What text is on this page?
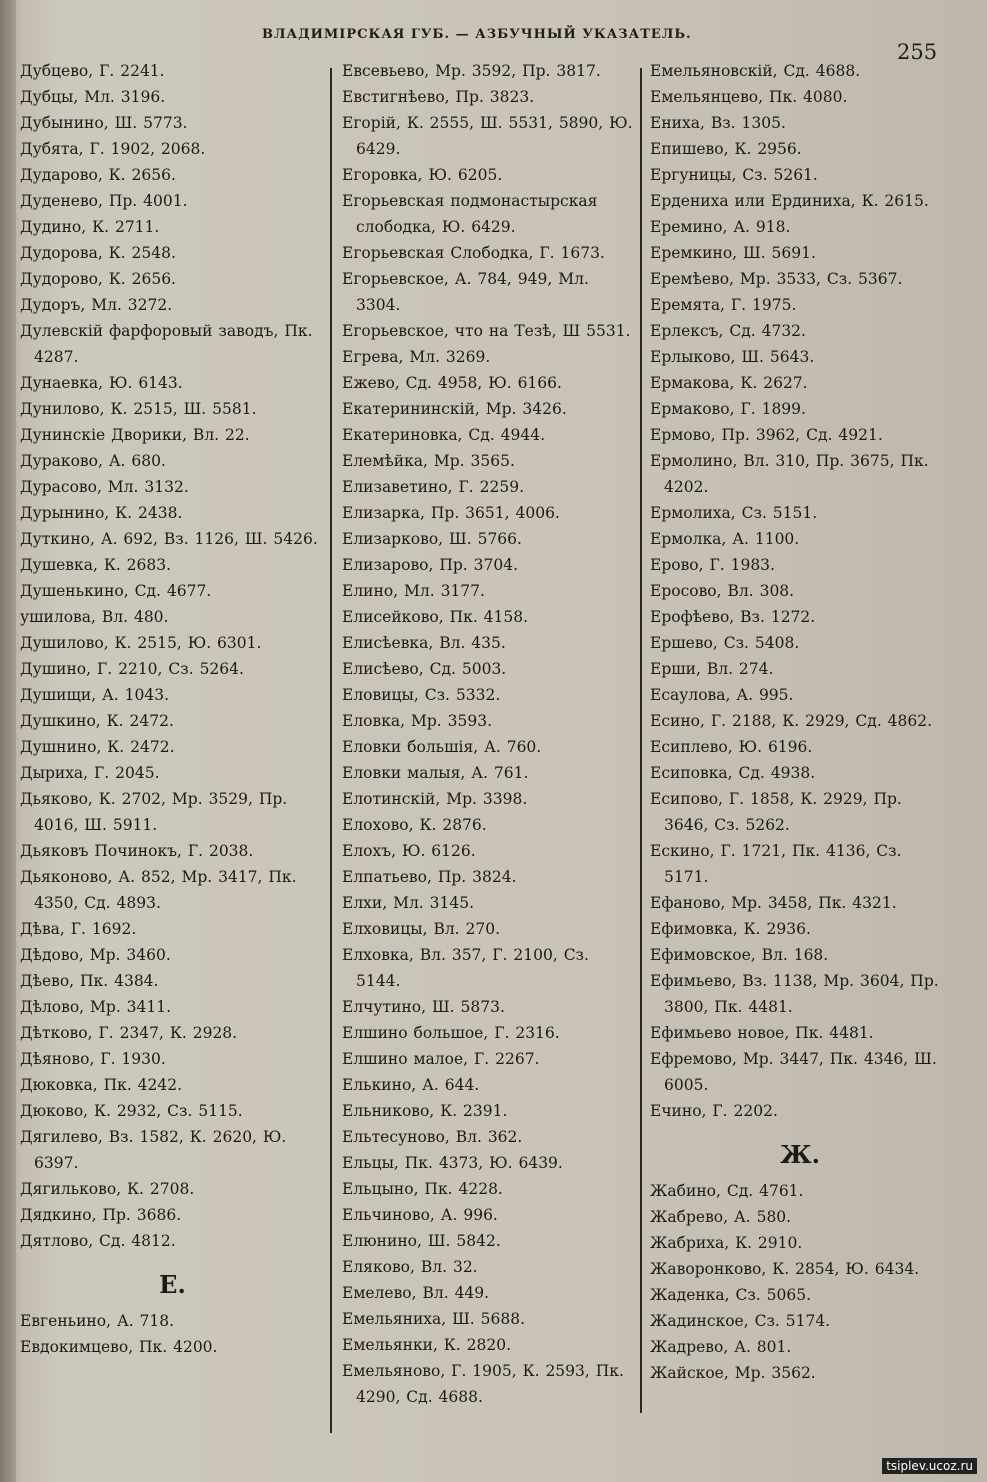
ВЛАДИМІРСКАЯ ГУБ. — АЗБУЧНЫЙ УКАЗАТЕЛЬ.
255
Дубцево, Г. 2241.
Дубцы, Мл. 3196.
Дубынино, Ш. 5773.
Дубята, Г. 1902, 2068.
Дударово, К. 2656.
Дуденево, Пр. 4001.
Дудино, К. 2711.
Дудорова, К. 2548.
Дудорово, К. 2656.
Дудоръ, Мл. 3272.
Дулевскій фарфоровый заводъ, Пк. 4287.
Дунаевка, Ю. 6143.
Дунилово, К. 2515, Ш. 5581.
Дунинскіе Дворики, Вл. 22.
Дураково, А. 680.
Дурасово, Мл. 3132.
Дурынино, К. 2438.
Дуткино, А. 692, Вз. 1126, Ш. 5426.
Душевка, К. 2683.
Душенькино, Сд. 4677.
ушилова, Вл. 480.
Душилово, К. 2515, Ю. 6301.
Душино, Г. 2210, Сз. 5264.
Душищи, А. 1043.
Душкино, К. 2472.
Душнино, К. 2472.
Дыриха, Г. 2045.
Дьяково, К. 2702, Мр. 3529, Пр. 4016, Ш. 5911.
Дьяковъ Починокъ, Г. 2038.
Дьяконово, А. 852, Мр. 3417, Пк. 4350, Сд. 4893.
Дѣва, Г. 1692.
Дѣдово, Мр. 3460.
Дѣево, Пк. 4384.
Дѣлово, Мр. 3411.
Дѣтково, Г. 2347, К. 2928.
Дѣяново, Г. 1930.
Дюковка, Пк. 4242.
Дюково, К. 2932, Сз. 5115.
Дягилево, Вз. 1582, К. 2620, Ю. 6397.
Дягильково, К. 2708.
Дядкино, Пр. 3686.
Дятлово, Сд. 4812.
Е.
Евгеньино, А. 718.
Евдокимцево, Пк. 4200.
Евсевьево, Мр. 3592, Пр. 3817.
Евстигнѣево, Пр. 3823.
Егорій, К. 2555, Ш. 5531, 5890, Ю. 6429.
Егоровка, Ю. 6205.
Егорьевская подмонастырская слободка, Ю. 6429.
Егорьевская Слободка, Г. 1673.
Егорьевское, А. 784, 949, Мл. 3304.
Егорьевское, что на Тезѣ, Ш 5531.
Егрева, Мл. 3269.
Ежево, Сд. 4958, Ю. 6166.
Екатерининскій, Мр. 3426.
Екатериновка, Сд. 4944.
Елемѣйка, Мр. 3565.
Елизаветино, Г. 2259.
Елизарка, Пр. 3651, 4006.
Елизарково, Ш. 5766.
Елизарово, Пр. 3704.
Елино, Мл. 3177.
Елисейково, Пк. 4158.
Елисѣевка, Вл. 435.
Елисѣево, Сд. 5003.
Еловицы, Сз. 5332.
Еловка, Мр. 3593.
Еловки большія, А. 760.
Еловки малыя, А. 761.
Елотинскій, Мр. 3398.
Елохово, К. 2876.
Елохъ, Ю. 6126.
Елпатьево, Пр. 3824.
Елхи, Мл. 3145.
Елховицы, Вл. 270.
Елховка, Вл. 357, Г. 2100, Сз. 5144.
Елчутино, Ш. 5873.
Елшино большое, Г. 2316.
Елшино малое, Г. 2267.
Елькино, А. 644.
Ельниково, К. 2391.
Ельтесуново, Вл. 362.
Ельцы, Пк. 4373, Ю. 6439.
Ельцыно, Пк. 4228.
Ельчиново, А. 996.
Елюнино, Ш. 5842.
Еляково, Вл. 32.
Емелево, Вл. 449.
Емельяниха, Ш. 5688.
Емельянки, К. 2820.
Емельяново, Г. 1905, К. 2593, Пк. 4290, Сд. 4688.
Емельяновскій, Сд. 4688.
Емельянцево, Пк. 4080.
Ениха, Вз. 1305.
Епишево, К. 2956.
Ергуницы, Сз. 5261.
Ердениха или Ердиниха, К. 2615.
Еремино, А. 918.
Еремкино, Ш. 5691.
Еремѣево, Мр. 3533, Сз. 5367.
Еремята, Г. 1975.
Ерлексъ, Сд. 4732.
Ерлыково, Ш. 5643.
Ермакова, К. 2627.
Ермаково, Г. 1899.
Ермово, Пр. 3962, Сд. 4921.
Ермолино, Вл. 310, Пр. 3675, Пк. 4202.
Ермолиха, Сз. 5151.
Ермолка, А. 1100.
Ерово, Г. 1983.
Еросово, Вл. 308.
Ерофѣево, Вз. 1272.
Ершево, Сз. 5408.
Ерши, Вл. 274.
Есаулова, А. 995.
Есино, Г. 2188, К. 2929, Сд. 4862.
Есиплево, Ю. 6196.
Есиповка, Сд. 4938.
Есипово, Г. 1858, К. 2929, Пр. 3646, Сз. 5262.
Ескино, Г. 1721, Пк. 4136, Сз. 5171.
Ефаново, Мр. 3458, Пк. 4321.
Ефимовка, К. 2936.
Ефимовское, Вл. 168.
Ефимьево, Вз. 1138, Мр. 3604, Пр. 3800, Пк. 4481.
Ефимьево новое, Пк. 4481.
Ефремово, Мр. 3447, Пк. 4346, Ш. 6005.
Ечино, Г. 2202.
Ж.
Жабино, Сд. 4761.
Жабрево, А. 580.
Жабриха, К. 2910.
Жаворонково, К. 2854, Ю. 6434.
Жаденка, Сз. 5065.
Жадинское, Сз. 5174.
Жадрево, А. 801.
Жайское, Мр. 3562.
tsiplev.ucoz.ru
